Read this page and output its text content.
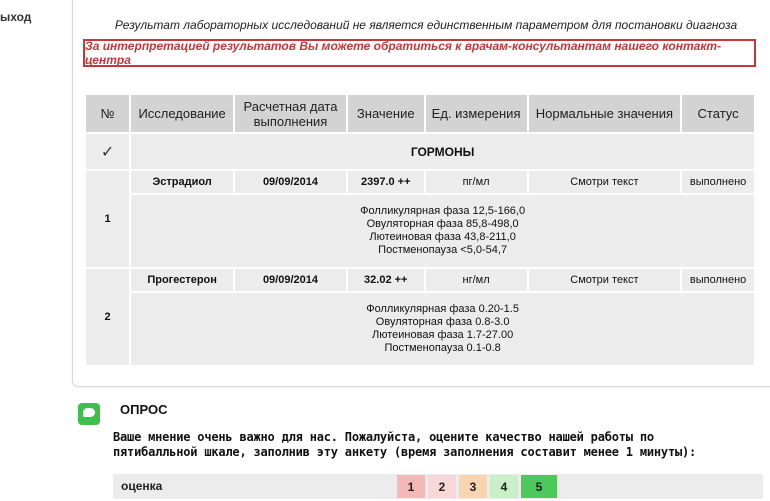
ыход
Результат лабораторных исследований не является единственным параметром для постановки диагноза
За интерпретацией результатов Вы можете обратиться к врачам-консультантам нашего контакт-центра
№	Исследование	Расчетная дата выполнения	Значение	Ед. измерения	Нормальные значения	Статус
✓	ГОРМОНЫ					
1	Эстрадиол	09/09/2014	2397.0 ++	пг/мл	Смотри текст	выполнено

	Фолликулярная фаза 12,5-166,0
Овуляторная фаза 85,8-498,0
Лютеиновая фаза 43,8-211,0
Постменопауза <5,0-54,7					

2	Прогестерон	09/09/2014	32.02 ++	нг/мл	Смотри текст	выполнено

	Фолликулярная фаза 0.20-1.5
Овуляторная фаза 0.8-3.0
Лютеиновая фаза 1.7-27.00
Постменопауза 0.1-0.8					
ОПРОС
Ваше мнение очень важно для нас. Пожалуйста, оцените качество нашей работы по пятибалльной шкале, заполнив эту анкету (время заполнения составит менее 1 минуты):
оценка	1	2	3	4	5
